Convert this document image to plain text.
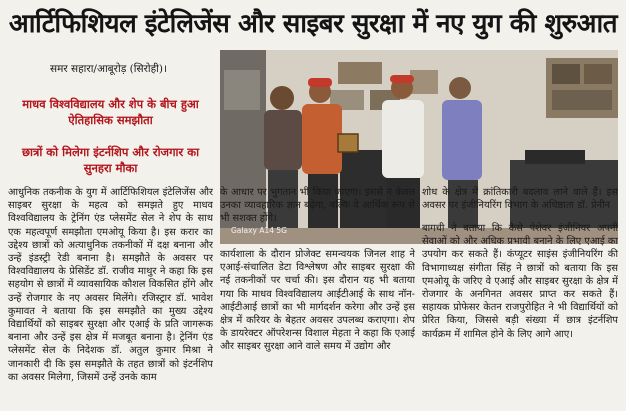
आर्टिफिशियल इंटेलिजेंस और साइबर सुरक्षा में नए युग की शुरुआत
समर सहारा/आबूरोड़ (सिरोही)।
माधव विश्वविद्यालय और शेप के बीच हुआ ऐतिहासिक समझौता
छात्रों को मिलेगा इंटर्नशिप और रोजगार का सुनहरा मौका
Galaxy A14 5G
आधुनिक तकनीक के युग में आर्टिफिशियल इंटेलिजेंस और साइबर सुरक्षा के महत्व को समझते हुए माधव विश्वविद्यालय के ट्रेनिंग एंड प्लेसमेंट सेल ने शेप के साथ एक महत्वपूर्ण समझौता एमओयू किया है। इस करार का उद्देश्य छात्रों को अत्याधुनिक तकनीकों में दक्ष बनाना और उन्हें इंडस्ट्री रेडी बनाना है। समझौते के अवसर पर विश्वविद्यालय के प्रेसिडेंट डॉ. राजीव माथुर ने कहा कि इस सहयोग से छात्रों में व्यावसायिक कौशल विकसित होंगे और उन्हें रोजगार के नए अवसर मिलेंगे। रजिस्ट्रार डॉ. भावेश कुमावत ने बताया कि इस समझौते का मुख्य उद्देश्य विद्यार्थियों को साइबर सुरक्षा और एआई के प्रति जागरूक बनाना और उन्हें इस क्षेत्र में मजबूत बनाना है। ट्रेनिंग एंड प्लेसमेंट सेल के निदेशक डॉ. अतुल कुमार मिश्रा ने जानकारी दी कि इस समझौते के तहत छात्रों को इंटर्नशिप का अवसर मिलेगा, जिसमें उन्हें उनके काम
के आधार पर भुगतान भी किया जाएगा। इससे न केवल उनका व्यावहारिक ज्ञान बढ़ेगा, बल्कि वे आर्थिक रूप से भी सशक्त होंगे।
कार्यशाला के दौरान प्रोजेक्ट समन्वयक जिनल शाह ने एआई-संचालित डेटा विश्लेषण और साइबर सुरक्षा की नई तकनीकों पर चर्चा की। इस दौरान यह भी बताया गया कि माधव विश्वविद्यालय आईटीआई के साथ नॉन-आईटीआई छात्रों का भी मार्गदर्शन करेगा और उन्हें इस क्षेत्र में करियर के बेहतर अवसर उपलब्ध कराएगा। शेप के डायरेक्टर ऑपरेशन्स विशाल मेहता ने कहा कि एआई और साइबर सुरक्षा आने वाले समय में उद्योग और
शोध के क्षेत्र में क्रांतिकारी बदलाव लाने वाले हैं। इस अवसर पर इंजीनियरिंग विभाग के अधिष्ठाता डॉ. प्रेनीन
बागची ने बताया कि कैसे पेशेवर इंजीनियर अपनी सेवाओं को और अधिक प्रभावी बनाने के लिए एआई का उपयोग कर सकते हैं। कंप्यूटर साइंस इंजीनियरिंग की विभागाध्यक्ष संगीता सिंह ने छात्रों को बताया कि इस एमओयू के जरिए वे एआई और साइबर सुरक्षा के क्षेत्र में रोजगार के अनगिनत अवसर प्राप्त कर सकते हैं। सहायक प्रोफेसर केतन राजपुरोहित ने भी विद्यार्थियों को प्रेरित किया, जिससे बड़ी संख्या में छात्र इंटर्नशिप कार्यक्रम में शामिल होने के लिए आगे आए।
